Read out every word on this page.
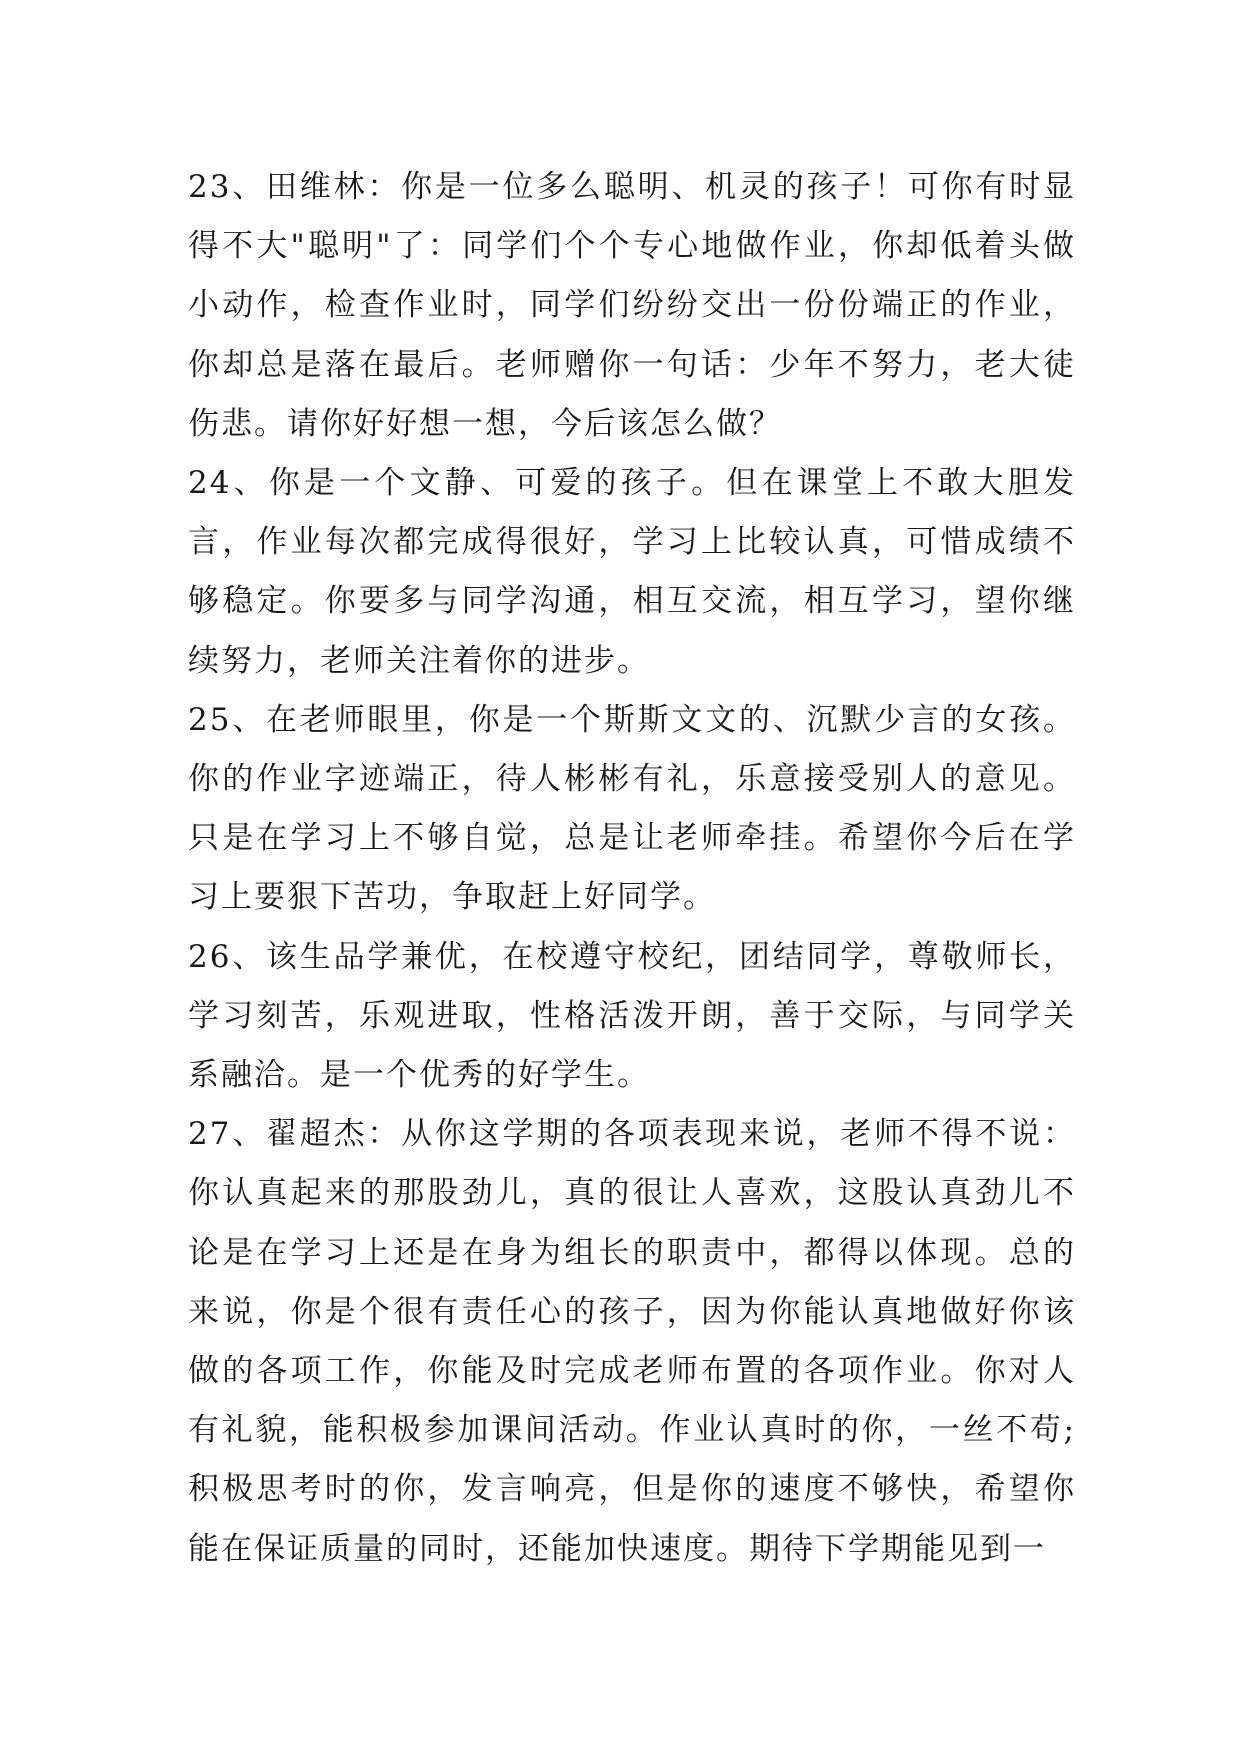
23、田维林：你是一位多么聪明、机灵的孩子！可你有时显得不大"聪明"了：同学们个个专心地做作业，你却低着头做小动作，检查作业时，同学们纷纷交出一份份端正的作业，你却总是落在最后。老师赠你一句话：少年不努力，老大徒伤悲。请你好好想一想，今后该怎么做？

24、你是一个文静、可爱的孩子。但在课堂上不敢大胆发言，作业每次都完成得很好，学习上比较认真，可惜成绩不够稳定。你要多与同学沟通，相互交流，相互学习，望你继续努力，老师关注着你的进步。

25、在老师眼里，你是一个斯斯文文的、沉默少言的女孩。你的作业字迹端正，待人彬彬有礼，乐意接受别人的意见。只是在学习上不够自觉，总是让老师牵挂。希望你今后在学习上要狠下苦功，争取赶上好同学。

26、该生品学兼优，在校遵守校纪，团结同学，尊敬师长，学习刻苦，乐观进取，性格活泼开朗，善于交际，与同学关系融洽。是一个优秀的好学生。

27、翟超杰：从你这学期的各项表现来说，老师不得不说：你认真起来的那股劲儿，真的很让人喜欢，这股认真劲儿不论是在学习上还是在身为组长的职责中，都得以体现。总的来说，你是个很有责任心的孩子，因为你能认真地做好你该做的各项工作，你能及时完成老师布置的各项作业。你对人有礼貌，能积极参加课间活动。作业认真时的你，一丝不苟;积极思考时的你，发言响亮，但是你的速度不够快，希望你能在保证质量的同时，还能加快速度。期待下学期能见到一
